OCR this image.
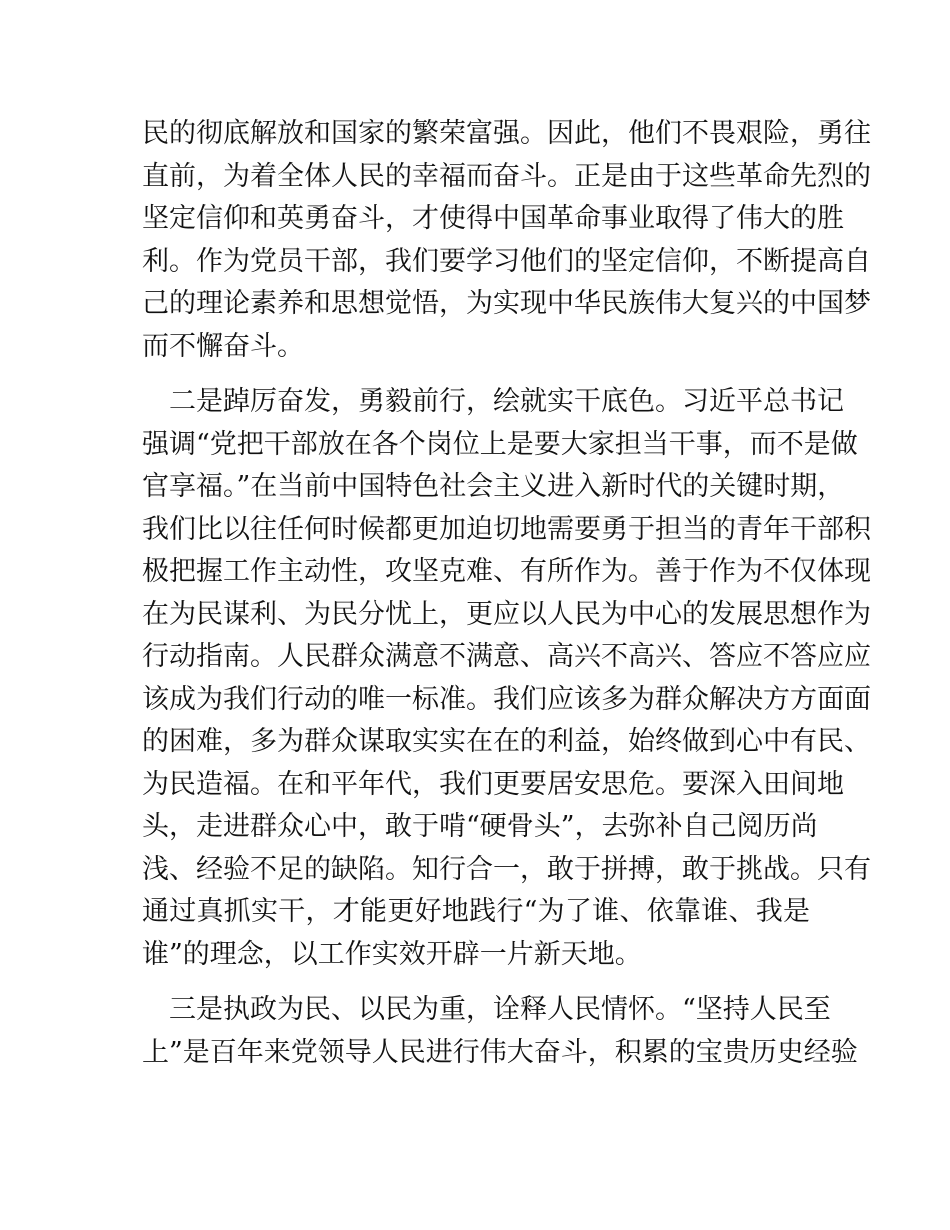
民的彻底解放和国家的繁荣富强。因此，他们不畏艰险，勇往
直前，为着全体人民的幸福而奋斗。正是由于这些革命先烈的
坚定信仰和英勇奋斗，才使得中国革命事业取得了伟大的胜
利。作为党员干部，我们要学习他们的坚定信仰，不断提高自
己的理论素养和思想觉悟，为实现中华民族伟大复兴的中国梦
而不懈奋斗。
　二是踔厉奋发，勇毅前行，绘就实干底色。习近平总书记
强调“党把干部放在各个岗位上是要大家担当干事，而不是做
官享福。”在当前中国特色社会主义进入新时代的关键时期，
我们比以往任何时候都更加迫切地需要勇于担当的青年干部积
极把握工作主动性，攻坚克难、有所作为。善于作为不仅体现
在为民谋利、为民分忧上，更应以人民为中心的发展思想作为
行动指南。人民群众满意不满意、高兴不高兴、答应不答应应
该成为我们行动的唯一标准。我们应该多为群众解决方方面面
的困难，多为群众谋取实实在在的利益，始终做到心中有民、
为民造福。在和平年代，我们更要居安思危。要深入田间地
头，走进群众心中，敢于啃“硬骨头”，去弥补自己阅历尚
浅、经验不足的缺陷。知行合一，敢于拼搏，敢于挑战。只有
通过真抓实干，才能更好地践行“为了谁、依靠谁、我是
谁”的理念，以工作实效开辟一片新天地。
　三是执政为民、以民为重，诠释人民情怀。“坚持人民至
上”是百年来党领导人民进行伟大奋斗，积累的宝贵历史经验
